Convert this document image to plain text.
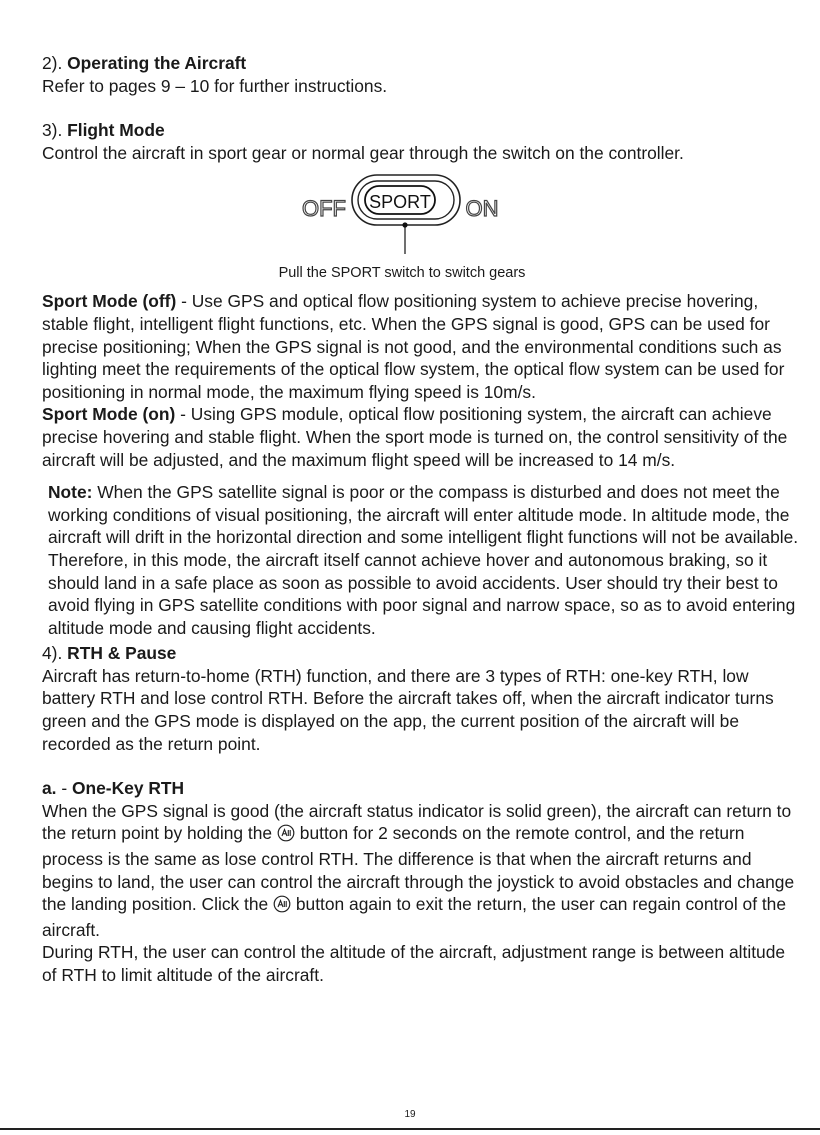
2). Operating the Aircraft

Refer to pages 9 – 10 for further instructions.

3). Flight Mode

Control the aircraft in sport gear or normal gear through the switch on the controller.

OFF SPORT ON
Pull the SPORT switch to switch gears

Sport Mode (off) - Use GPS and optical flow positioning system to achieve precise hovering, stable flight, intelligent flight functions, etc. When the GPS signal is good, GPS can be used for precise positioning; When the GPS signal is not good, and the environmental conditions such as lighting meet the requirements of the optical flow system, the optical flow system can be used for positioning in normal mode, the maximum flying speed is 10m/s.

Sport Mode (on) - Using GPS module, optical flow positioning system, the aircraft can achieve precise hovering and stable flight. When the sport mode is turned on, the control sensitivity of the aircraft will be adjusted, and the maximum flight speed will be increased to 14 m/s.

Note: When the GPS satellite signal is poor or the compass is disturbed and does not meet the working conditions of visual positioning, the aircraft will enter altitude mode. In altitude mode, the aircraft will drift in the horizontal direction and some intelligent flight functions will not be available. Therefore, in this mode, the aircraft itself cannot achieve hover and autonomous braking, so it should land in a safe place as soon as possible to avoid accidents. User should try their best to avoid flying in GPS satellite conditions with poor signal and narrow space, so as to avoid entering altitude mode and causing flight accidents.

4). RTH & Pause

Aircraft has return-to-home (RTH) function, and there are 3 types of RTH: one-key RTH, low battery RTH and lose control RTH. Before the aircraft takes off, when the aircraft indicator turns green and the GPS mode is displayed on the app, the current position of the aircraft will be recorded as the return point.

a. - One-Key RTH

When the GPS signal is good (the aircraft status indicator is solid green), the aircraft can return to the return point by holding the  button for 2 seconds on the remote control, and the return process is the same as lose control RTH. The difference is that when the aircraft returns and begins to land, the user can control the aircraft through the joystick to avoid obstacles and change the landing position. Click the  button again to exit the return, the user can regain control of the aircraft.

During RTH, the user can control the altitude of the aircraft, adjustment range is between altitude of RTH to limit altitude of the aircraft.

19
